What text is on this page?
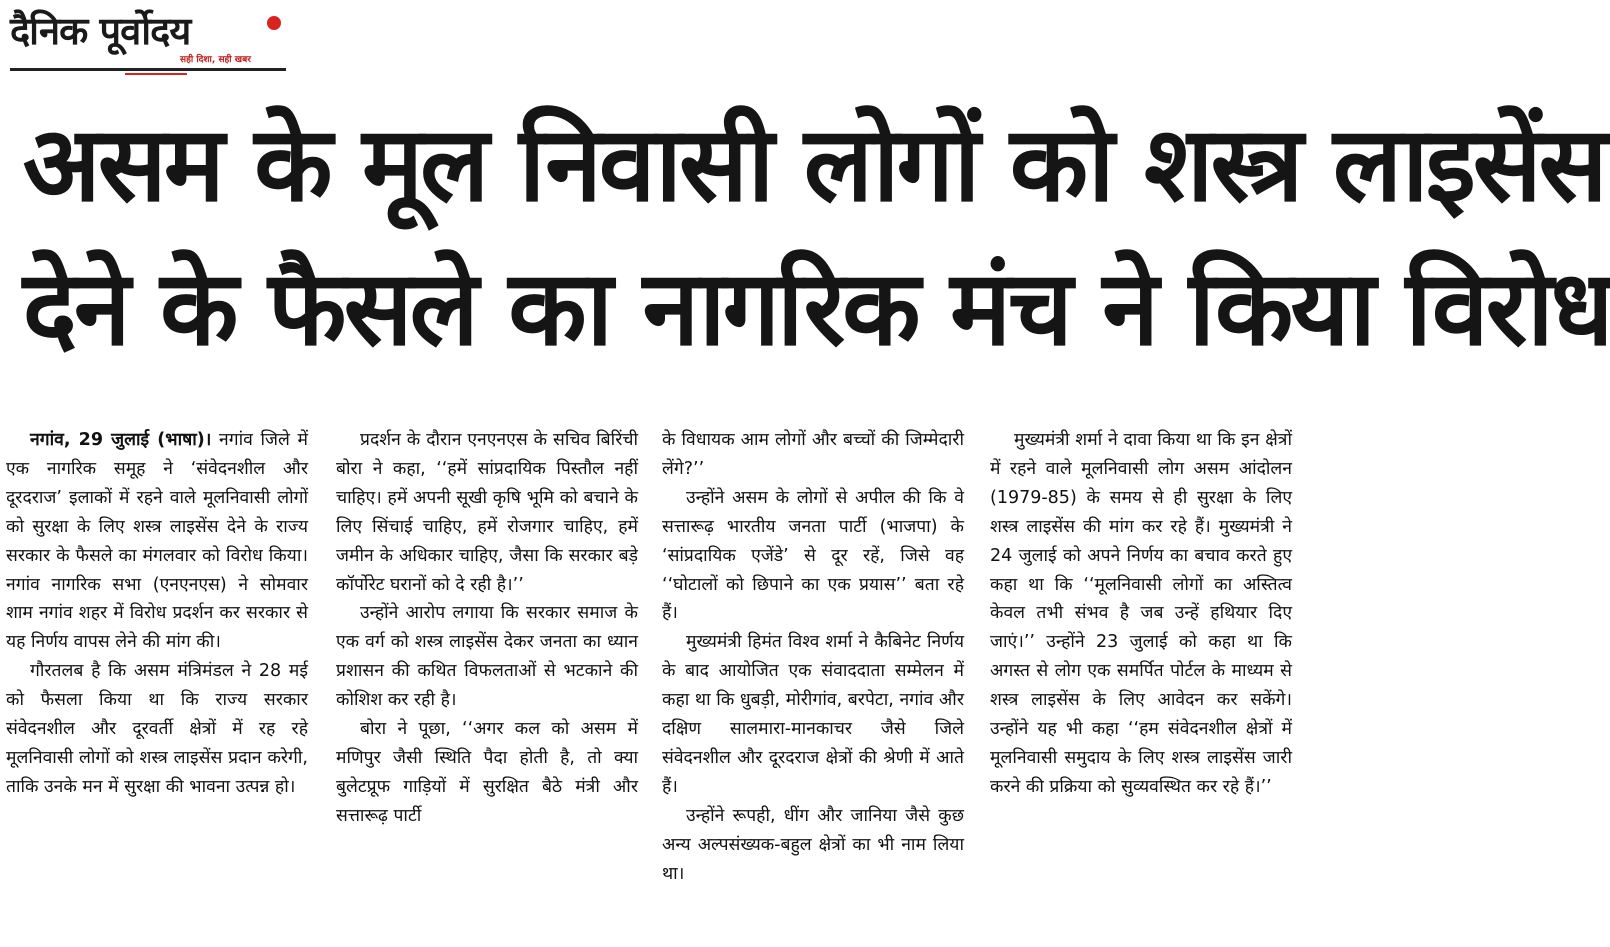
दैनिक पूर्वोदय
सही दिशा, सही खबर
असम के मूल निवासी लोगों को शस्त्र लाइसेंस
देने के फैसले का नागरिक मंच ने किया विरोध

नगांव, 29 जुलाई (भाषा)। नगांव जिले में एक नागरिक समूह ने ‘संवेदनशील और दूरदराज’ इलाकों में रहने वाले मूलनिवासी लोगों को सुरक्षा के लिए शस्त्र लाइसेंस देने के राज्य सरकार के फैसले का मंगलवार को विरोध किया। नगांव नागरिक सभा (एनएनएस) ने सोमवार शाम नगांव शहर में विरोध प्रदर्शन कर सरकार से यह निर्णय वापस लेने की मांग की।

गौरतलब है कि असम मंत्रिमंडल ने 28 मई को फैसला किया था कि राज्य सरकार संवेदनशील और दूरवर्ती क्षेत्रों में रह रहे मूलनिवासी लोगों को शस्त्र लाइसेंस प्रदान करेगी, ताकि उनके मन में सुरक्षा की भावना उत्पन्न हो।

प्रदर्शन के दौरान एनएनएस के सचिव बिरिंची बोरा ने कहा, ‘‘हमें सांप्रदायिक पिस्तौल नहीं चाहिए। हमें अपनी सूखी कृषि भूमि को बचाने के लिए सिंचाई चाहिए, हमें रोजगार चाहिए, हमें जमीन के अधिकार चाहिए, जैसा कि सरकार बड़े कॉर्पोरेट घरानों को दे रही है।’’

उन्होंने आरोप लगाया कि सरकार समाज के एक वर्ग को शस्त्र लाइसेंस देकर जनता का ध्यान प्रशासन की कथित विफलताओं से भटकाने की कोशिश कर रही है।

बोरा ने पूछा, ‘‘अगर कल को असम में मणिपुर जैसी स्थिति पैदा होती है, तो क्या बुलेटप्रूफ गाड़ियों में सुरक्षित बैठे मंत्री और सत्तारूढ़ पार्टी

के विधायक आम लोगों और बच्चों की जिम्मेदारी लेंगे?’’

उन्होंने असम के लोगों से अपील की कि वे सत्तारूढ़ भारतीय जनता पार्टी (भाजपा) के ‘सांप्रदायिक एजेंडे’ से दूर रहें, जिसे वह ‘‘घोटालों को छिपाने का एक प्रयास’’ बता रहे हैं।

मुख्यमंत्री हिमंत विश्व शर्मा ने कैबिनेट निर्णय के बाद आयोजित एक संवाददाता सम्मेलन में कहा था कि धुबड़ी, मोरीगांव, बरपेटा, नगांव और दक्षिण सालमारा-मानकाचर जैसे जिले संवेदनशील और दूरदराज क्षेत्रों की श्रेणी में आते हैं।

उन्होंने रूपही, धींग और जानिया जैसे कुछ अन्य अल्पसंख्यक-बहुल क्षेत्रों का भी नाम लिया था।

मुख्यमंत्री शर्मा ने दावा किया था कि इन क्षेत्रों में रहने वाले मूलनिवासी लोग असम आंदोलन (1979-85) के समय से ही सुरक्षा के लिए शस्त्र लाइसेंस की मांग कर रहे हैं। मुख्यमंत्री ने 24 जुलाई को अपने निर्णय का बचाव करते हुए कहा था कि ‘‘मूलनिवासी लोगों का अस्तित्व केवल तभी संभव है जब उन्हें हथियार दिए जाएं।’’ उन्होंने 23 जुलाई को कहा था कि अगस्त से लोग एक समर्पित पोर्टल के माध्यम से शस्त्र लाइसेंस के लिए आवेदन कर सकेंगे। उन्होंने यह भी कहा ‘‘हम संवेदनशील क्षेत्रों में मूलनिवासी समुदाय के लिए शस्त्र लाइसेंस जारी करने की प्रक्रिया को सुव्यवस्थित कर रहे हैं।’’
